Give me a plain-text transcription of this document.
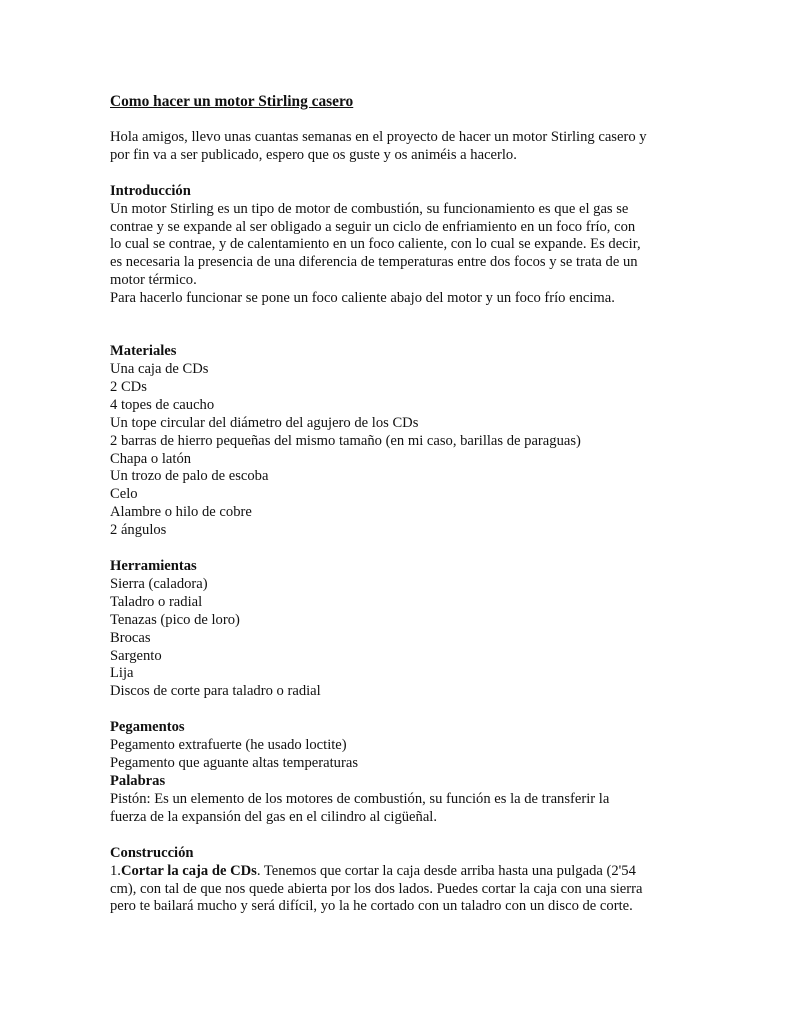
Como hacer un motor Stirling casero
Hola amigos, llevo unas cuantas semanas en el proyecto de hacer un motor Stirling casero y
por fin va a ser publicado, espero que os guste y os animéis a hacerlo.
Introducción
Un motor Stirling es un tipo de motor de combustión, su funcionamiento es que el gas se
contrae y se expande al ser obligado a seguir un ciclo de enfriamiento en un foco frío, con
lo cual se contrae, y de calentamiento en un foco caliente, con lo cual se expande. Es decir,
es necesaria la presencia de una diferencia de temperaturas entre dos focos y se trata de un
motor térmico.
Para hacerlo funcionar se pone un foco caliente abajo del motor y un foco frío encima.
Materiales
Una caja de CDs
2 CDs
4 topes de caucho
Un tope circular del diámetro del agujero de los CDs
2 barras de hierro pequeñas del mismo tamaño (en mi caso, barillas de paraguas)
Chapa o latón
Un trozo de palo de escoba
Celo
Alambre o hilo de cobre
2 ángulos
Herramientas
Sierra (caladora)
Taladro o radial
Tenazas (pico de loro)
Brocas
Sargento
Lija
Discos de corte para taladro o radial
Pegamentos
Pegamento extrafuerte (he usado loctite)
Pegamento que aguante altas temperaturas
Palabras
Pistón: Es un elemento de los motores de combustión, su función es la de transferir la
fuerza de la expansión del gas en el cilindro al cigüeñal.
Construcción
1.Cortar la caja de CDs. Tenemos que cortar la caja desde arriba hasta una pulgada (2'54
cm), con tal de que nos quede abierta por los dos lados. Puedes cortar la caja con una sierra
pero te bailará mucho y será difícil, yo la he cortado con un taladro con un disco de corte.
